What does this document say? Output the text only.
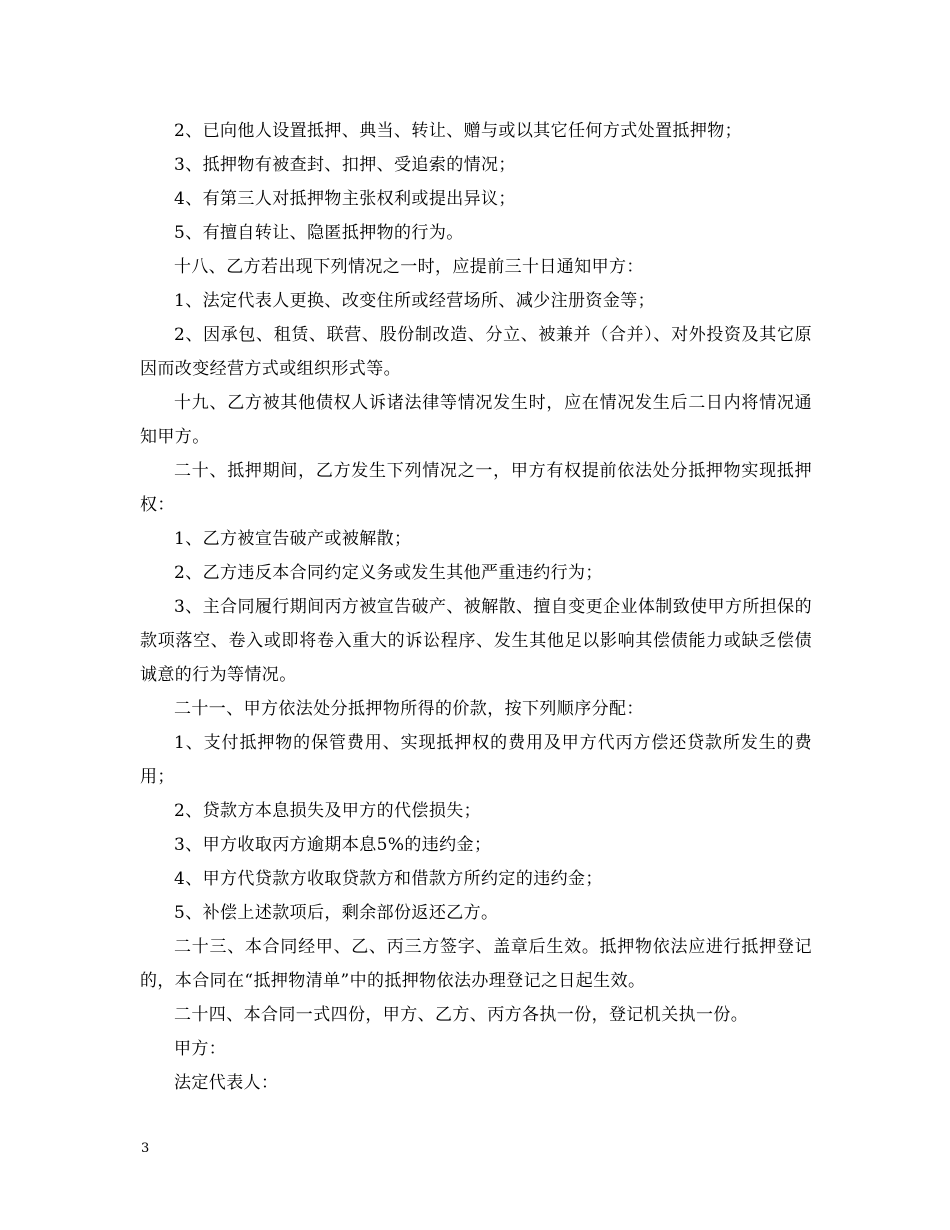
2、已向他人设置抵押、典当、转让、赠与或以其它任何方式处置抵押物；

3、抵押物有被查封、扣押、受追索的情况；

4、有第三人对抵押物主张权利或提出异议；

5、有擅自转让、隐匿抵押物的行为。

十八、乙方若出现下列情况之一时，应提前三十日通知甲方：

1、法定代表人更换、改变住所或经营场所、减少注册资金等；

2、因承包、租赁、联营、股份制改造、分立、被兼并（合并）、对外投资及其它原因而改变经营方式或组织形式等。

十九、乙方被其他债权人诉诸法律等情况发生时，应在情况发生后二日内将情况通知甲方。

二十、抵押期间，乙方发生下列情况之一，甲方有权提前依法处分抵押物实现抵押权：

1、乙方被宣告破产或被解散；

2、乙方违反本合同约定义务或发生其他严重违约行为；

3、主合同履行期间丙方被宣告破产、被解散、擅自变更企业体制致使甲方所担保的款项落空、卷入或即将卷入重大的诉讼程序、发生其他足以影响其偿债能力或缺乏偿债诚意的行为等情况。

二十一、甲方依法处分抵押物所得的价款，按下列顺序分配：

1、支付抵押物的保管费用、实现抵押权的费用及甲方代丙方偿还贷款所发生的费用；

2、贷款方本息损失及甲方的代偿损失；

3、甲方收取丙方逾期本息5%的违约金；

4、甲方代贷款方收取贷款方和借款方所约定的违约金；

5、补偿上述款项后，剩余部份返还乙方。

二十三、本合同经甲、乙、丙三方签字、盖章后生效。抵押物依法应进行抵押登记的，本合同在“抵押物清单”中的抵押物依法办理登记之日起生效。

二十四、本合同一式四份，甲方、乙方、丙方各执一份，登记机关执一份。

甲方：

法定代表人：

3
